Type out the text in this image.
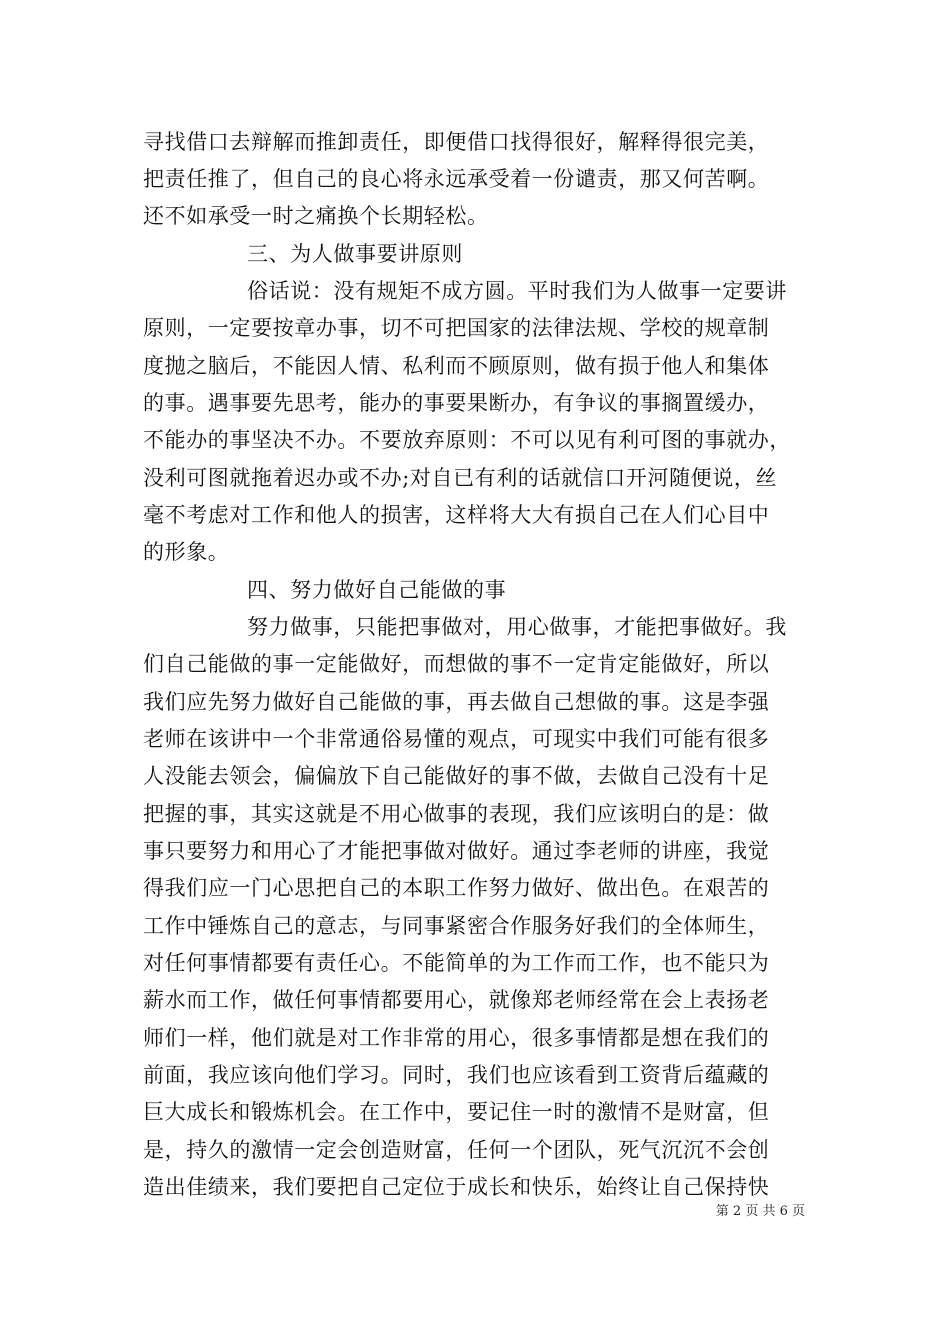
寻找借口去辩解而推卸责任，即便借口找得很好，解释得很完美，
把责任推了，但自己的良心将永远承受着一份谴责，那又何苦啊。
还不如承受一时之痛换个长期轻松。
三、为人做事要讲原则
俗话说：没有规矩不成方圆。平时我们为人做事一定要讲
原则，一定要按章办事，切不可把国家的法律法规、学校的规章制
度抛之脑后，不能因人情、私利而不顾原则，做有损于他人和集体
的事。遇事要先思考，能办的事要果断办，有争议的事搁置缓办，
不能办的事坚决不办。不要放弃原则：不可以见有利可图的事就办，
没利可图就拖着迟办或不办;对自已有利的话就信口开河随便说，丝
毫不考虑对工作和他人的损害，这样将大大有损自己在人们心目中
的形象。
四、努力做好自己能做的事
努力做事，只能把事做对，用心做事，才能把事做好。我
们自己能做的事一定能做好，而想做的事不一定肯定能做好，所以
我们应先努力做好自己能做的事，再去做自己想做的事。这是李强
老师在该讲中一个非常通俗易懂的观点，可现实中我们可能有很多
人没能去领会，偏偏放下自己能做好的事不做，去做自己没有十足
把握的事，其实这就是不用心做事的表现，我们应该明白的是：做
事只要努力和用心了才能把事做对做好。通过李老师的讲座，我觉
得我们应一门心思把自己的本职工作努力做好、做出色。在艰苦的
工作中锤炼自己的意志，与同事紧密合作服务好我们的全体师生，
对任何事情都要有责任心。不能简单的为工作而工作，也不能只为
薪水而工作，做任何事情都要用心，就像郑老师经常在会上表扬老
师们一样，他们就是对工作非常的用心，很多事情都是想在我们的
前面，我应该向他们学习。同时，我们也应该看到工资背后蕴藏的
巨大成长和锻炼机会。在工作中，要记住一时的激情不是财富，但
是，持久的激情一定会创造财富，任何一个团队，死气沉沉不会创
造出佳绩来，我们要把自己定位于成长和快乐，始终让自己保持快
第 2 页 共 6 页
